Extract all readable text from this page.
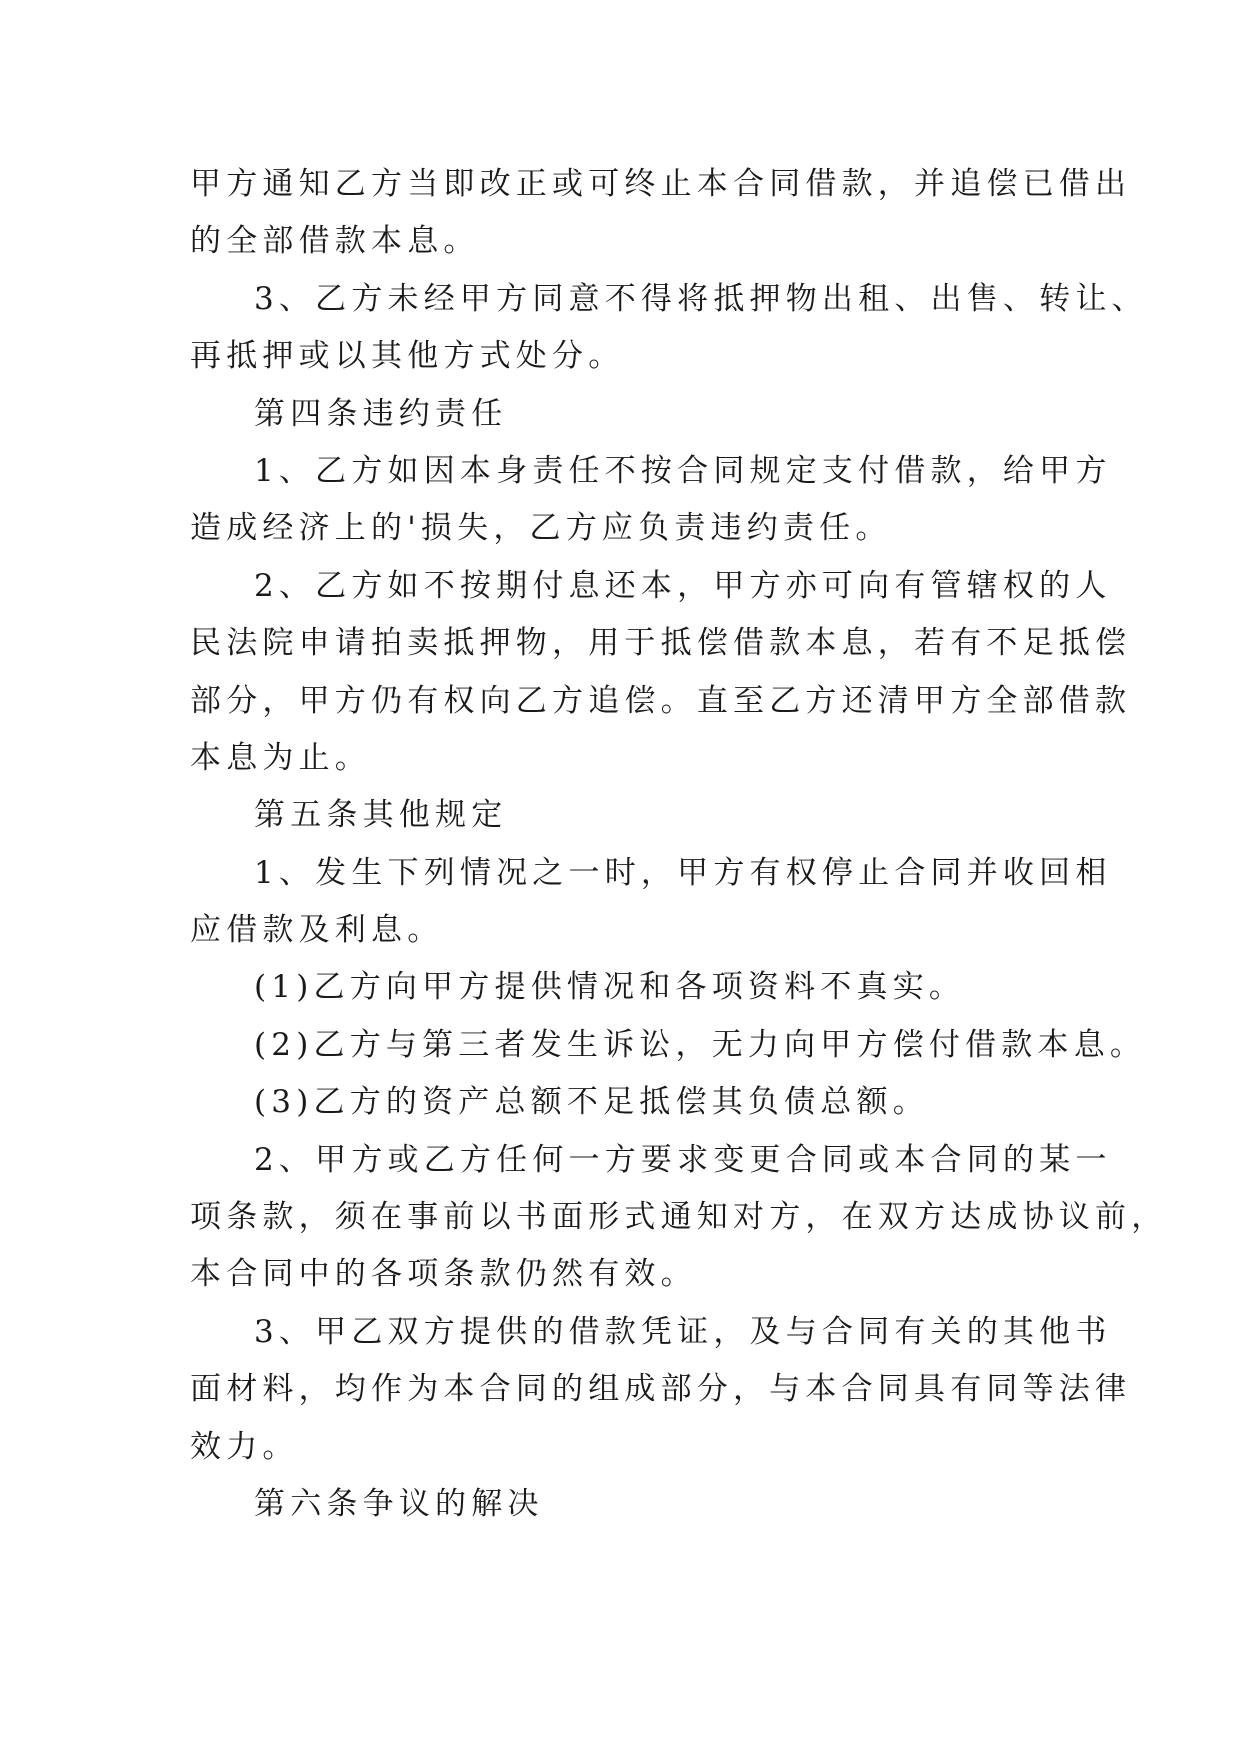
甲方通知乙方当即改正或可终止本合同借款，并追偿已借出
的全部借款本息。
3、乙方未经甲方同意不得将抵押物出租、出售、转让、
再抵押或以其他方式处分。
第四条违约责任
1、乙方如因本身责任不按合同规定支付借款，给甲方
造成经济上的'损失，乙方应负责违约责任。
2、乙方如不按期付息还本，甲方亦可向有管辖权的人
民法院申请拍卖抵押物，用于抵偿借款本息，若有不足抵偿
部分，甲方仍有权向乙方追偿。直至乙方还清甲方全部借款
本息为止。
第五条其他规定
1、发生下列情况之一时，甲方有权停止合同并收回相
应借款及利息。
(1)乙方向甲方提供情况和各项资料不真实。
(2)乙方与第三者发生诉讼，无力向甲方偿付借款本息。
(3)乙方的资产总额不足抵偿其负债总额。
2、甲方或乙方任何一方要求变更合同或本合同的某一
项条款，须在事前以书面形式通知对方，在双方达成协议前，
本合同中的各项条款仍然有效。
3、甲乙双方提供的借款凭证，及与合同有关的其他书
面材料，均作为本合同的组成部分，与本合同具有同等法律
效力。
第六条争议的解决
